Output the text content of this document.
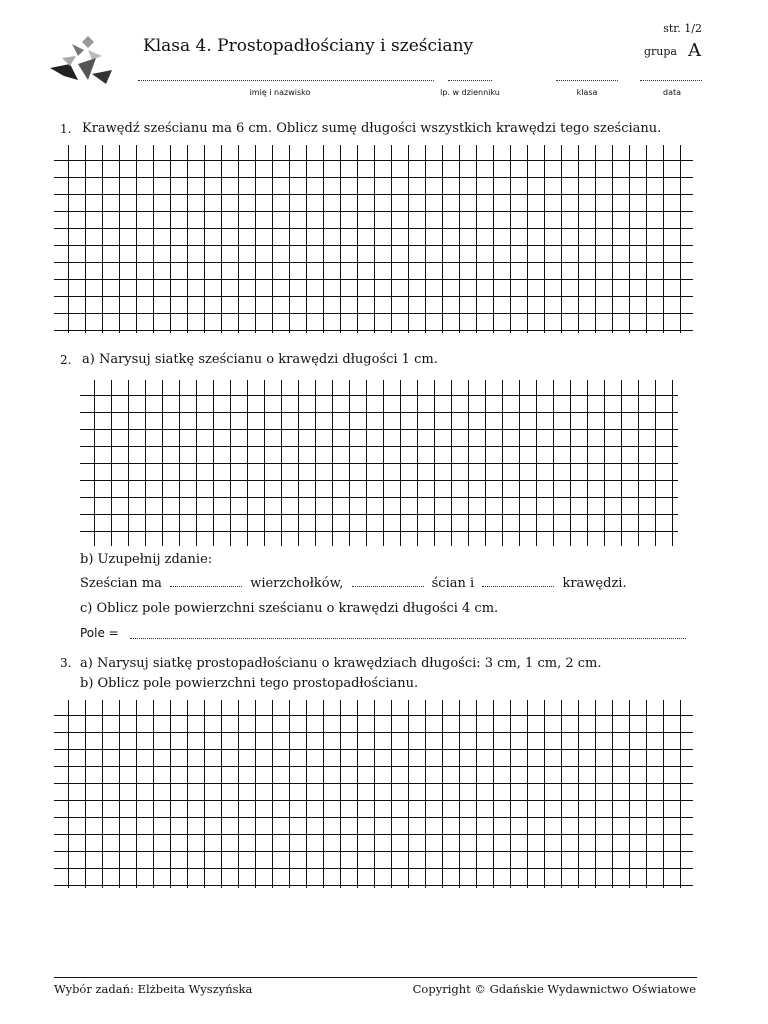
Klasa 4. Prostopadłościany i sześciany
str. 1/2
grupa A
imię i nazwisko	lp. w dzienniku	klasa	data
1. Krawędź sześcianu ma 6 cm. Oblicz sumę długości wszystkich krawędzi tego sześcianu.
2. a) Narysuj siatkę sześcianu o krawędzi długości 1 cm.
b) Uzupełnij zdanie:
Sześcian ma	wierzchołków,	ścian i	krawędzi.
c) Oblicz pole powierzchni sześcianu o krawędzi długości 4 cm.
Pole =
3. a) Narysuj siatkę prostopadłościanu o krawędziach długości: 3 cm, 1 cm, 2 cm.
b) Oblicz pole powierzchni tego prostopadłościanu.
Wybór zadań: Elżbeita Wyszyńska	Copyright © Gdańskie Wydawnictwo Oświatowe
